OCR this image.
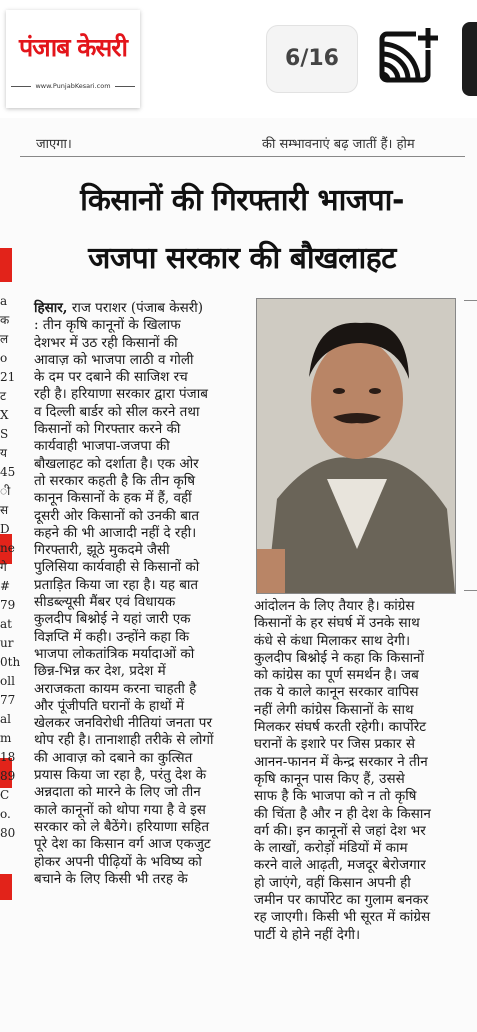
पंजाब केसरी
www.PunjabKesari.com
6/16
जाएगा।	की सम्भावनाएं बढ़ जातीं हैं। होम
किसानों की गिरफ्तारी भाजपा-
जजपा सरकार की बौखलाहट
हिसार, राज पराशर (पंजाब केसरी)
: तीन कृषि कानूनों के खिलाफ
देशभर में उठ रही किसानों की
आवाज़ को भाजपा लाठी व गोली
के दम पर दबाने की साजिश रच
रही है। हरियाणा सरकार द्वारा पंजाब
व दिल्ली बार्डर को सील करने तथा
किसानों को गिरफ्तार करने की
कार्यवाही भाजपा-जजपा की
बौखलाहट को दर्शाता है। एक ओर
तो सरकार कहती है कि तीन कृषि
कानून किसानों के हक में हैं, वहीं
दूसरी ओर किसानों को उनकी बात
कहने की भी आजादी नहीं दे रही।
गिरफ्तारी, झूठे मुकदमे जैसी
पुलिसिया कार्यवाही से किसानों को
प्रताड़ित किया जा रहा है। यह बात
सीडब्ल्यूसी मैंबर एवं विधायक
कुलदीप बिश्नोई ने यहां जारी एक
विज्ञप्ति में कही। उन्होंने कहा कि
भाजपा लोकतांत्रिक मर्यादाओं को
छिन्न-भिन्न कर देश, प्रदेश में
अराजकता कायम करना चाहती है
और पूंजीपति घरानों के हाथों में
खेलकर जनविरोधी नीतियां जनता पर
थोप रही है। तानाशाही तरीके से लोगों
की आवाज़ को दबाने का कुत्सित
प्रयास किया जा रहा है, परंतु देश के
अन्नदाता को मारने के लिए जो तीन
काले कानूनों को थोपा गया है वे इस
सरकार को ले बैठेंगे। हरियाणा सहित
पूरे देश का किसान वर्ग आज एकजुट
होकर अपनी पीढ़ियों के भविष्य को
बचाने के लिए किसी भी तरह के
आंदोलन के लिए तैयार है। कांग्रेस
किसानों के हर संघर्ष में उनके साथ
कंधे से कंधा मिलाकर साथ देगी।
कुलदीप बिश्नोई ने कहा कि किसानों
को कांग्रेस का पूर्ण समर्थन है। जब
तक ये काले कानून सरकार वापिस
नहीं लेगी कांग्रेस किसानों के साथ
मिलकर संघर्ष करती रहेगी। कार्पोरेट
घरानों के इशारे पर जिस प्रकार से
आनन-फानन में केन्द्र सरकार ने तीन
कृषि कानून पास किए हैं, उससे
साफ है कि भाजपा को न तो कृषि
की चिंता है और न ही देश के किसान
वर्ग की। इन कानूनों से जहां देश भर
के लाखों, करोड़ों मंडियों में काम
करने वाले आढ़ती, मजदूर बेरोजगार
हो जाएंगे, वहीं किसान अपनी ही
जमीन पर कार्पोरेट का गुलाम बनकर
रह जाएगी। किसी भी सूरत में कांग्रेस
पार्टी ये होने नहीं देगी।
a
क
ल
o
21
ट
X
S
य
45
ी
स
D
ne
गे
#
79
at
ur
0th
oll
77
al
m
18
89
C
o.
80
